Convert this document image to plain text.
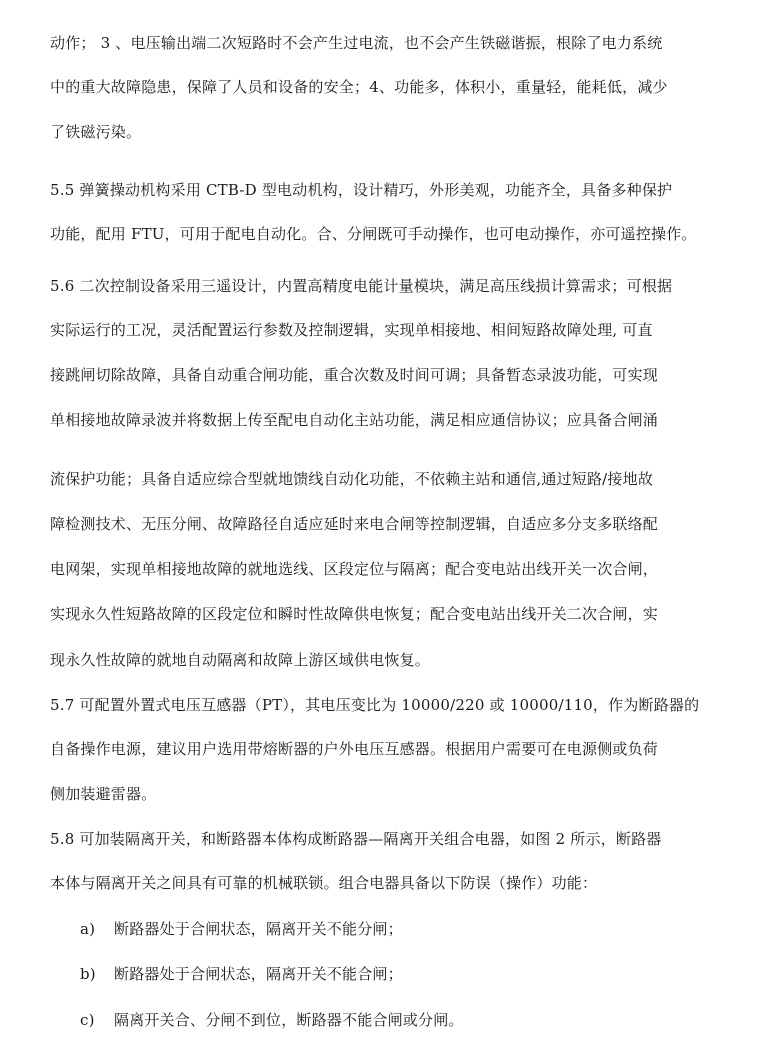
动作； 3 、电压输出端二次短路时不会产生过电流，也不会产生铁磁谐振，根除了电力系统
中的重大故障隐患，保障了人员和设备的安全；4、功能多，体积小，重量轻，能耗低，减少
了铁磁污染。
5.5 弹簧操动机构采用 CTB-D 型电动机构，设计精巧，外形美观，功能齐全，具备多种保护
功能，配用 FTU，可用于配电自动化。合、分闸既可手动操作，也可电动操作，亦可遥控操作。
5.6 二次控制设备采用三遥设计，内置高精度电能计量模块，满足高压线损计算需求；可根据
实际运行的工况，灵活配置运行参数及控制逻辑，实现单相接地、相间短路故障处理, 可直
接跳闸切除故障，具备自动重合闸功能，重合次数及时间可调；具备暂态录波功能，可实现
单相接地故障录波并将数据上传至配电自动化主站功能，满足相应通信协议；应具备合闸涌
流保护功能；具备自适应综合型就地馈线自动化功能，不依赖主站和通信,通过短路/接地故
障检测技术、无压分闸、故障路径自适应延时来电合闸等控制逻辑，自适应多分支多联络配
电网架，实现单相接地故障的就地选线、区段定位与隔离；配合变电站出线开关一次合闸，
实现永久性短路故障的区段定位和瞬时性故障供电恢复；配合变电站出线开关二次合闸，实
现永久性故障的就地自动隔离和故障上游区域供电恢复。
5.7 可配置外置式电压互感器（PT），其电压变比为 10000/220 或 10000/110，作为断路器的
自备操作电源，建议用户选用带熔断器的户外电压互感器。根据用户需要可在电源侧或负荷
侧加装避雷器。
5.8 可加装隔离开关，和断路器本体构成断路器—隔离开关组合电器，如图 2 所示，断路器
本体与隔离开关之间具有可靠的机械联锁。组合电器具备以下防误（操作）功能：
a) 断路器处于合闸状态，隔离开关不能分闸；
b) 断路器处于合闸状态，隔离开关不能合闸；
c) 隔离开关合、分闸不到位，断路器不能合闸或分闸。
